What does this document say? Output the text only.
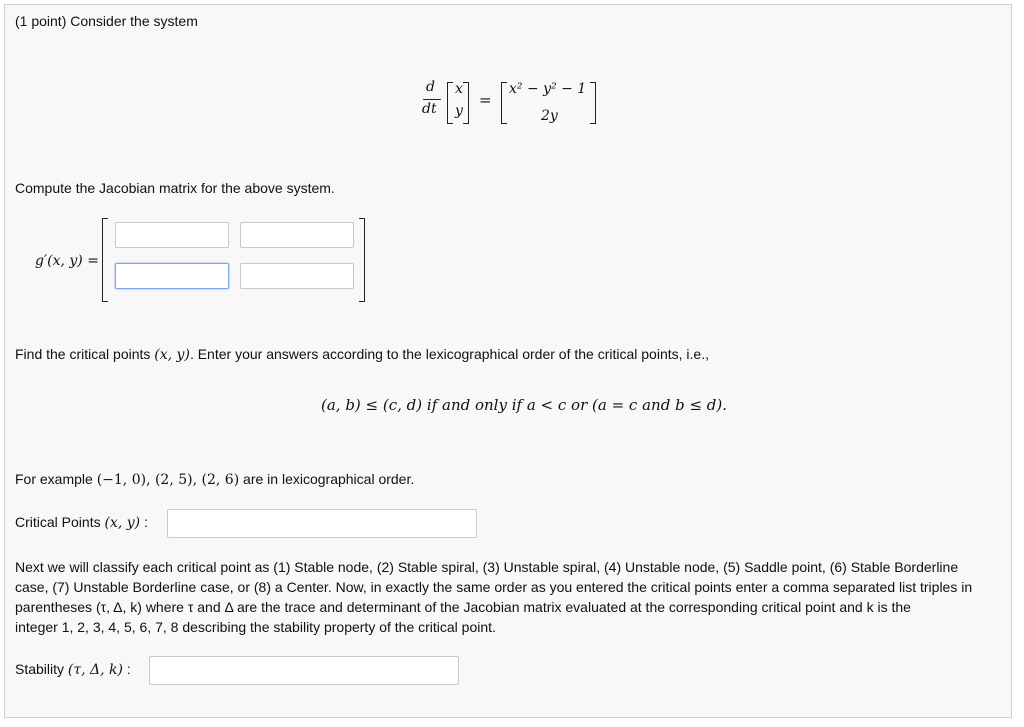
(1 point) Consider the system
d
dt
x
y
=
x² − y² − 1
2y
Compute the Jacobian matrix for the above system.
g′(x, y) =
Find the critical points (x, y). Enter your answers according to the lexicographical order of the critical points, i.e.,
(a, b) ≤ (c, d) if and only if a < c or (a = c and b ≤ d).
For example (−1, 0), (2, 5), (2, 6) are in lexicographical order.
Critical Points (x, y) :
Next we will classify each critical point as (1) Stable node, (2) Stable spiral, (3) Unstable spiral, (4) Unstable node, (5) Saddle point, (6) Stable Borderline
case, (7) Unstable Borderline case, or (8) a Center. Now, in exactly the same order as you entered the critical points enter a comma separated list triples in
parentheses (τ, Δ, k) where τ and Δ are the trace and determinant of the Jacobian matrix evaluated at the corresponding critical point and k is the
integer 1, 2, 3, 4, 5, 6, 7, 8 describing the stability property of the critical point.
Stability (τ, Δ, k) :
